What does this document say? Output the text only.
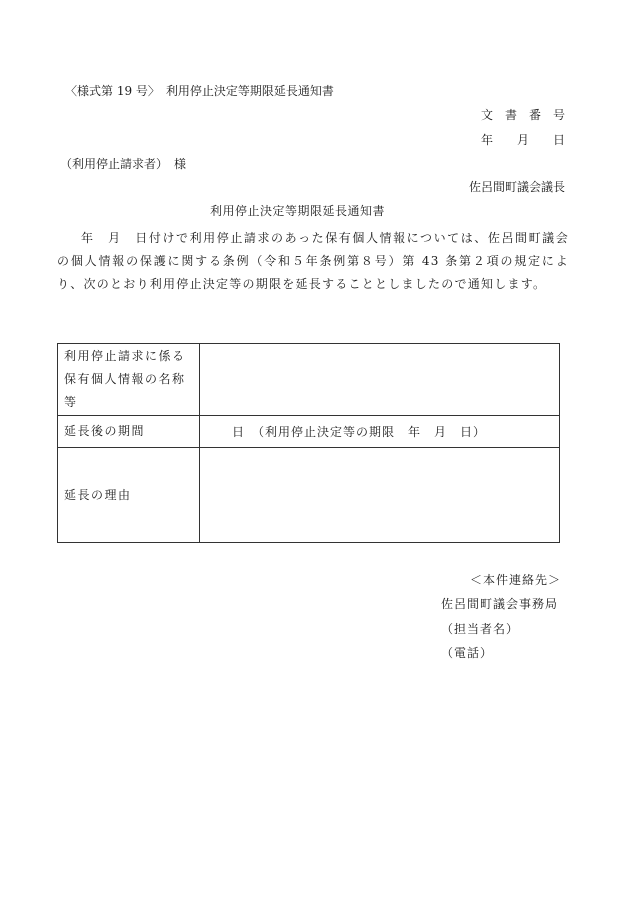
〈様式第 19 号〉　 利用停止決定等期限延長通知書
文　書　番　号
年　　月　　日
（利用停止請求者）　様
佐呂間町議会議長
利用停止決定等期限延長通知書

年　月　日付けで利用停止請求のあった保有個人情報については、佐呂間町議会の個人情報の保護に関する条例（令和５年条例第８号）第 43 条第２項の規定により、次のとおり利用停止決定等の期限を延長することとしましたので通知します。

利用停止請求に係る保有個人情報の名称等	
延長後の期間	日　（利用停止決定等の期限　年　月　日）
延長の理由	
＜本件連絡先＞
佐呂間町議会事務局
（担当者名）
（電話）
